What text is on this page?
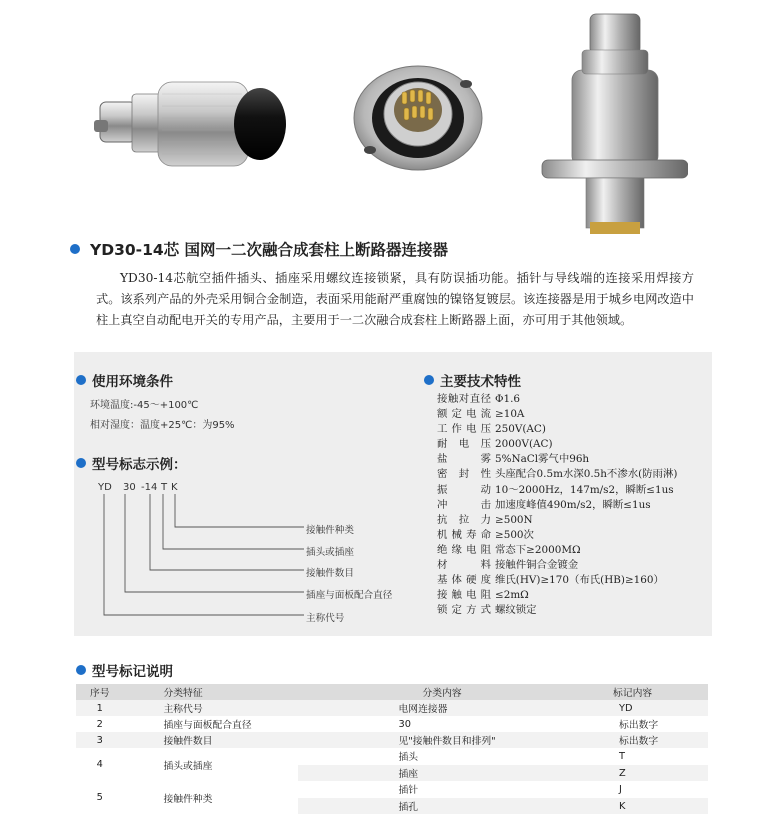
YD30-14芯 国网一二次融合成套柱上断路器连接器
YD30-14芯航空插件插头、插座采用螺纹连接锁紧，具有防误插功能。插针与导线端的连接采用焊接方式。该系列产品的外壳采用铜合金制造，表面采用能耐严重腐蚀的镍铬复镀层。该连接器是用于城乡电网改造中柱上真空自动配电开关的专用产品，主要用于一二次融合成套柱上断路器上面，亦可用于其他领域。
使用环境条件
环境温度:-45～+100℃
相对湿度：温度+25℃：为95%
型号标志示例：
YD 30 -14 T K
接触件种类
插头或插座
接触件数目
插座与面板配合直径
主称代号
主要技术特性
接触对直径 Φ1.6
额定电流 ≥10A
工作电压 250V(AC)
耐 电 压 2000V(AC)
盐　　雾 5%NaCl雾气中96h
密 封 性 头座配合0.5m水深0.5h不渗水(防雨淋)
振　　动 10～2000Hz，147m/s2，瞬断≤1us
冲　　击 加速度峰值490m/s2，瞬断≤1us
抗拉力 ≥500N
机械寿命 ≥500次
绝缘电阻 常态下≥2000MΩ
材料 接触件铜合金镀金
基体硬度 维氏(HV)≥170（布氏(HB)≥160）
接触电阻 ≤2mΩ
锁定方式 螺纹锁定
型号标记说明
序号	分类特征	分类内容	标记内容
1	主称代号	电网连接器	YD
2	插座与面板配合直径	30	标出数字
3	接触件数目	见"接触件数目和排列"	标出数字
4	插头或插座	插头	T
		插座	Z
5	接触件种类	插针	J
		插孔	K
